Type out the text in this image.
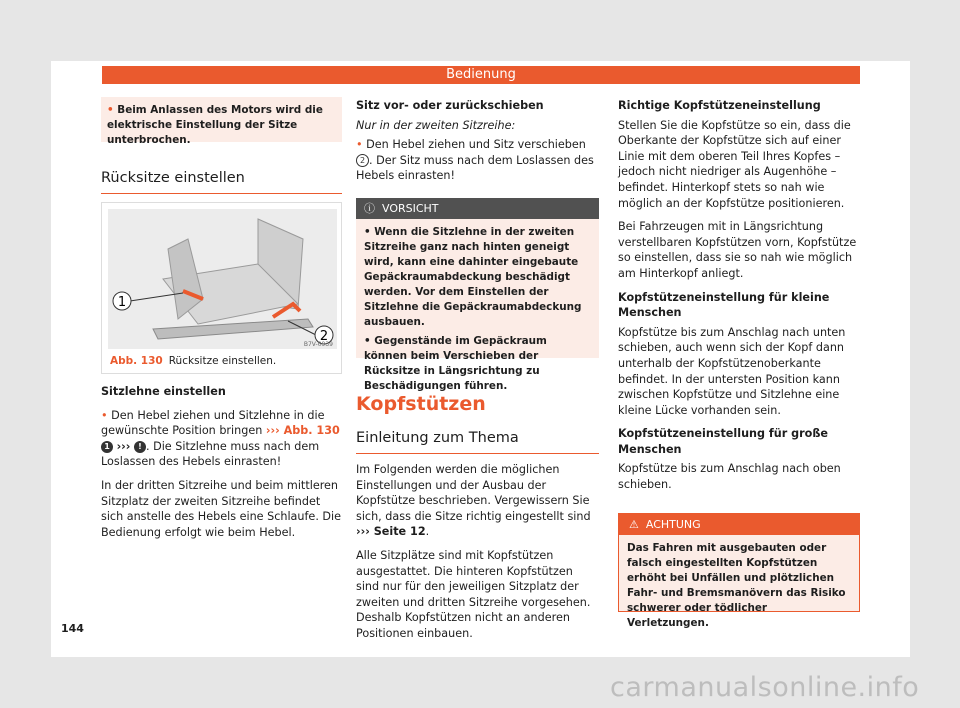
Bedienung
• Beim Anlassen des Motors wird die elektrische Einstellung der Sitze unterbrochen.
Rücksitze einstellen
1
2
B7V-0939
Abb. 130 Rücksitze einstellen.

Sitzlehne einstellen

• Den Hebel ziehen und Sitzlehne in die gewünschte Position bringen ››› Abb. 130 1 ››› ! . Die Sitzlehne muss nach dem Loslassen des Hebels einrasten!

In der dritten Sitzreihe und beim mittleren Sitzplatz der zweiten Sitzreihe befindet sich anstelle des Hebels eine Schlaufe. Die Bedienung erfolgt wie beim Hebel.

Sitz vor- oder zurückschieben

Nur in der zweiten Sitzreihe:

• Den Hebel ziehen und Sitz verschieben 2 . Der Sitz muss nach dem Loslassen des Hebels einrasten!

ⓘ VORSICHT
• Wenn die Sitzlehne in der zweiten Sitzreihe ganz nach hinten geneigt wird, kann eine dahinter eingebaute Gepäckraumabdeckung beschädigt werden. Vor dem Einstellen der Sitzlehne die Gepäckraumabdeckung ausbauen.
• Gegenstände im Gepäckraum können beim Verschieben der Rücksitze in Längsrichtung zu Beschädigungen führen.
Kopfstützen
Einleitung zum Thema

Im Folgenden werden die möglichen Einstellungen und der Ausbau der Kopfstütze beschrieben. Vergewissern Sie sich, dass die Sitze richtig eingestellt sind ››› Seite 12.

Alle Sitzplätze sind mit Kopfstützen ausgestattet. Die hinteren Kopfstützen sind nur für den jeweiligen Sitzplatz der zweiten und dritten Sitzreihe vorgesehen. Deshalb Kopfstützen nicht an anderen Positionen einbauen.

Richtige Kopfstützeneinstellung

Stellen Sie die Kopfstütze so ein, dass die Oberkante der Kopfstütze sich auf einer Linie mit dem oberen Teil Ihres Kopfes – jedoch nicht niedriger als Augenhöhe – befindet. Hinterkopf stets so nah wie möglich an der Kopfstütze positionieren.

Bei Fahrzeugen mit in Längsrichtung verstellbaren Kopfstützen vorn, Kopfstütze so einstellen, dass sie so nah wie möglich am Hinterkopf anliegt.

Kopfstützeneinstellung für kleine Menschen

Kopfstütze bis zum Anschlag nach unten schieben, auch wenn sich der Kopf dann unterhalb der Kopfstützenoberkante befindet. In der untersten Position kann zwischen Kopfstütze und Sitzlehne eine kleine Lücke vorhanden sein.

Kopfstützeneinstellung für große Menschen

Kopfstütze bis zum Anschlag nach oben schieben.

⚠ ACHTUNG
Das Fahren mit ausgebauten oder falsch eingestellten Kopfstützen erhöht bei Unfällen und plötzlichen Fahr- und Bremsmanövern das Risiko schwerer oder tödlicher Verletzungen.
144
carmanualsonline.info
